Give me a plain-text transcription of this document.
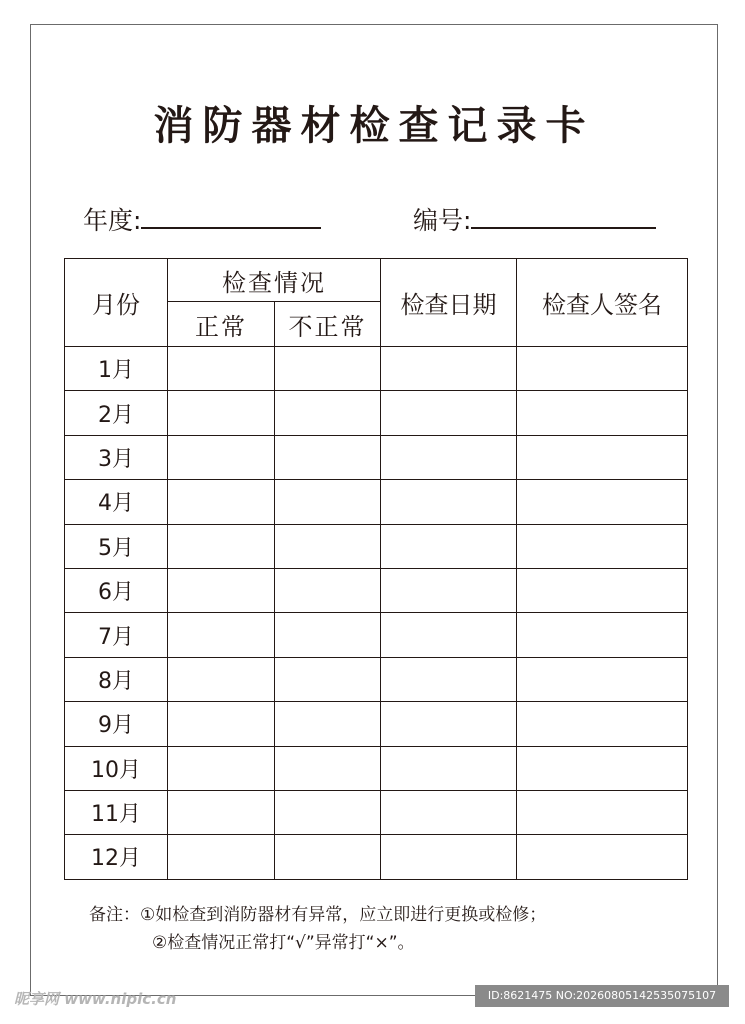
消防器材检查记录卡
年度:	编号:
月份	检查情况		检查日期	检查人签名
	正常	不正常		
1月				
2月				
3月				
4月				
5月				
6月				
7月				
8月				
9月				
10月				
11月				
12月				
备注：①如检查到消防器材有异常，应立即进行更换或检修；
②检查情况正常打“√”异常打“×”。
昵享网 www.nipic.cn	ID:8621475 NO:20260805142535075107
